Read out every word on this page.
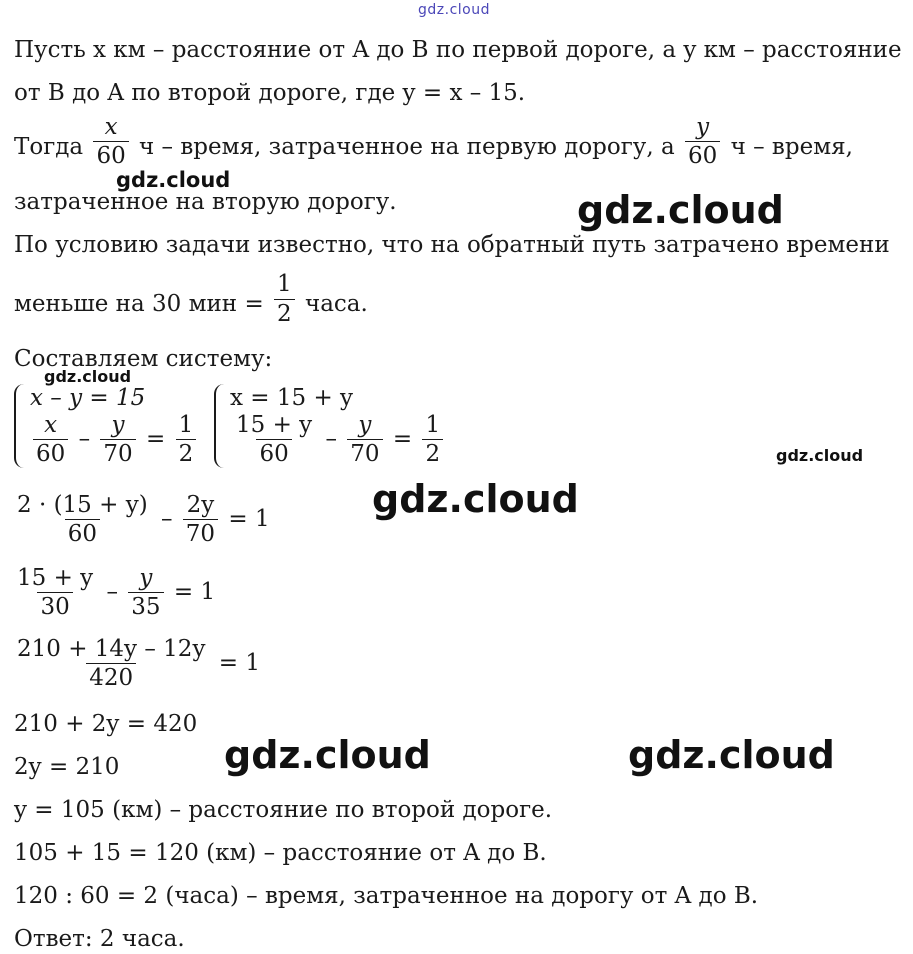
gdz.cloud
gdz.cloud
gdz.cloud
gdz.cloud
gdz.cloud
gdz.cloud
gdz.cloud	gdz.cloud
Пусть x км – расстояние от A до B по первой дороге, а y км – расстояние
от B до A по второй дороге, где y = x – 15.
Тогда $\frac{x}{60}$ ч – время, затраченное на первую дорогу, а $\frac{y}{60}$ ч – время,
затраченное на вторую дорогу.
По условию задачи известно, что на обратный путь затрачено времени
меньше на 30 мин = $\frac{1}{2}$ часа.
Составляем систему:
x – y = 15
$\frac{x}{60} - \frac{y}{70} = \frac{1}{2}$
x = 15 + y
$\frac{15 + y}{60} - \frac{y}{70} = \frac{1}{2}$
$\frac{2 \cdot (15 + y)}{60} - \frac{2y}{70} = 1$
$\frac{15 + y}{30} - \frac{y}{35} = 1$
$\frac{210 + 14y - 12y}{420} = 1$
210 + 2y = 420
2y = 210
y = 105 (км) – расстояние по второй дороге.
105 + 15 = 120 (км) – расстояние от A до B.
120 : 60 = 2 (часа) – время, затраченное на дорогу от A до B.
Ответ: 2 часа.
